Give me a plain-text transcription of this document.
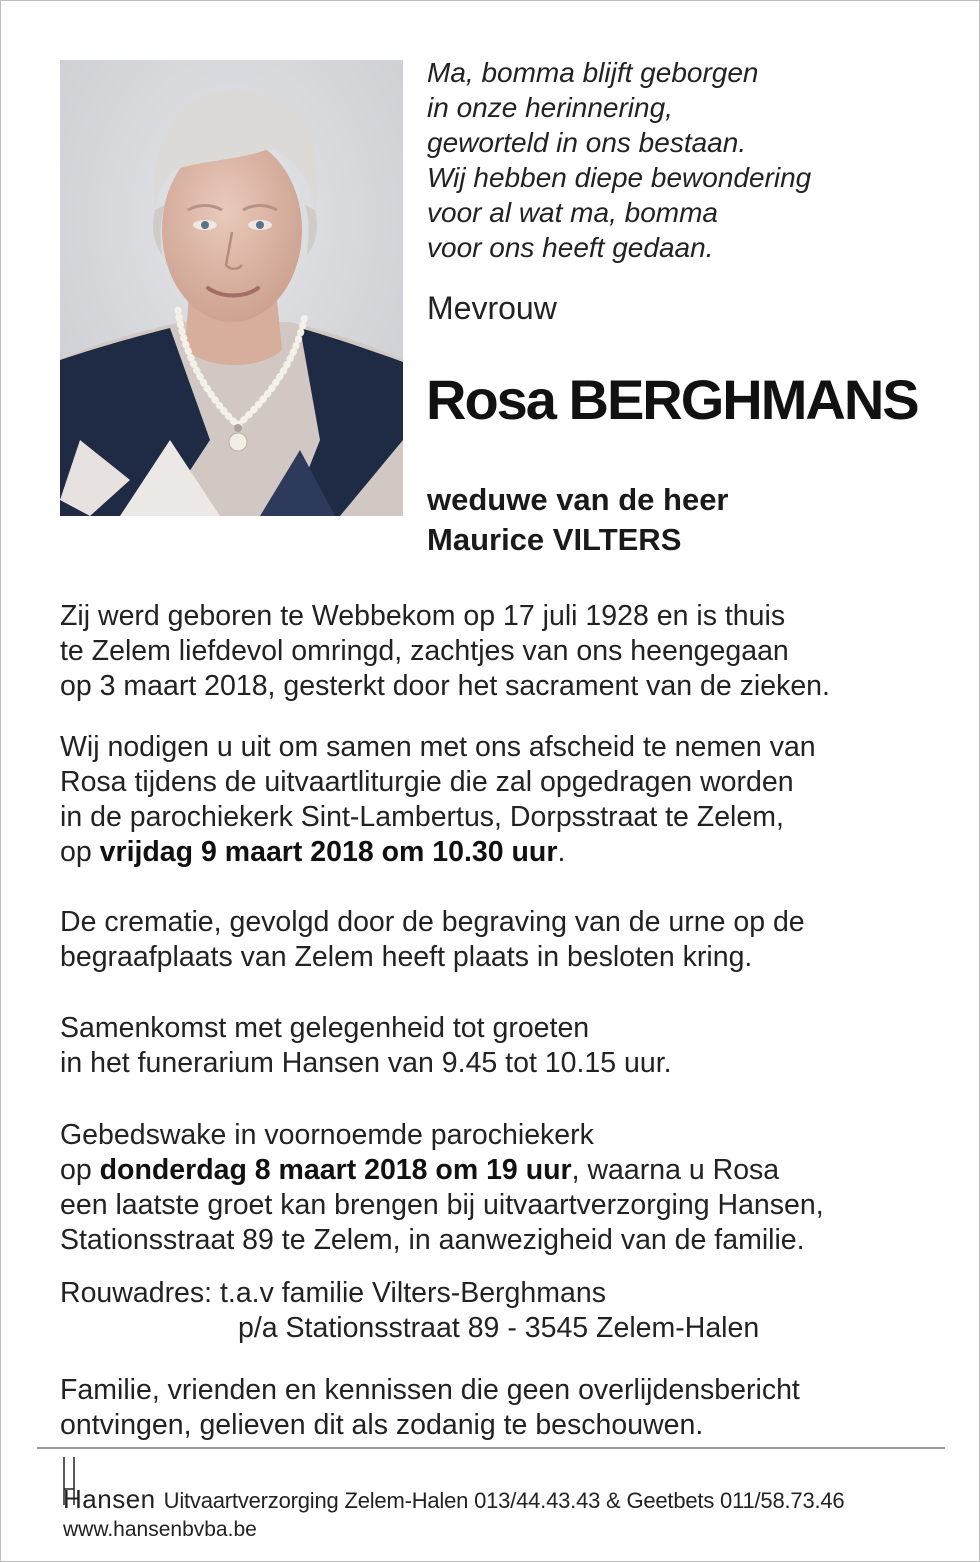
Ma, bomma blijft geborgen
in onze herinnering,
geworteld in ons bestaan.
Wij hebben diepe bewondering
voor al wat ma, bomma
voor ons heeft gedaan.
Mevrouw
Rosa BERGHMANS
weduwe van de heer
Maurice VILTERS
Zij werd geboren te Webbekom op 17 juli 1928 en is thuis
te Zelem liefdevol omringd, zachtjes van ons heengegaan
op 3 maart 2018, gesterkt door het sacrament van de zieken.
Wij nodigen u uit om samen met ons afscheid te nemen van
Rosa tijdens de uitvaartliturgie die zal opgedragen worden
in de parochiekerk Sint-Lambertus, Dorpsstraat te Zelem,
op vrijdag 9 maart 2018 om 10.30 uur.
De crematie, gevolgd door de begraving van de urne op de
begraafplaats van Zelem heeft plaats in besloten kring.
Samenkomst met gelegenheid tot groeten
in het funerarium Hansen van 9.45 tot 10.15 uur.
Gebedswake in voornoemde parochiekerk
op donderdag 8 maart 2018 om 19 uur, waarna u Rosa
een laatste groet kan brengen bij uitvaartverzorging Hansen,
Stationsstraat 89 te Zelem, in aanwezigheid van de familie.
Rouwadres: t.a.v familie Vilters-Berghmans
p/a Stationsstraat 89 - 3545 Zelem-Halen
Familie, vrienden en kennissen die geen overlijdensbericht
ontvingen, gelieven dit als zodanig te beschouwen.
Hansen Uitvaartverzorging Zelem-Halen 013/44.43.43 & Geetbets 011/58.73.46
www.hansenbvba.be
